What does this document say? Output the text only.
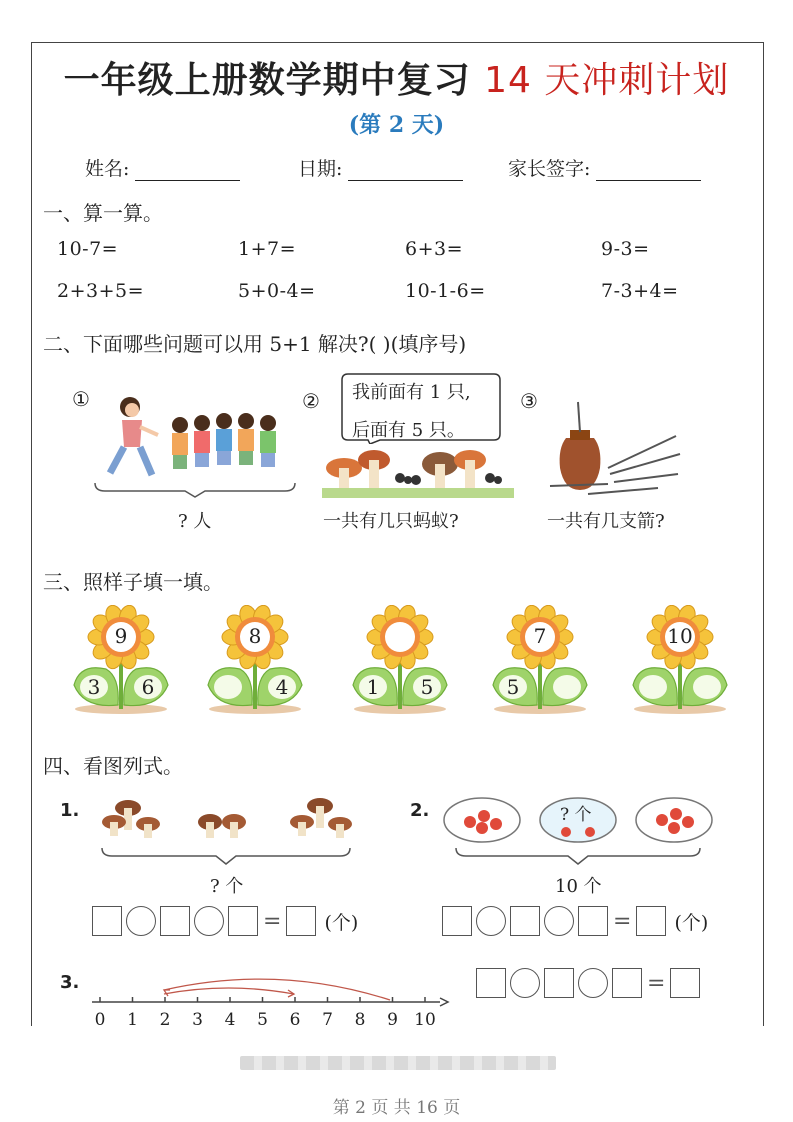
一年级上册数学期中复习 14 天冲刺计划
(第 2 天)
姓名:	日期:	家长签字:
一、算一算。
10-7=	1+7=	6+3=	9-3=
2+3+5=	5+0-4=	10-1-6=	7-3+4=
二、下面哪些问题可以用 5+1 解决?( )(填序号)
①	②	③
? 人
我前面有 1 只,
后面有 5 只。
一共有几只蚂蚁?	一共有几支箭?
三、照样子填一填。
9
3	6
8
4	1	5
7
5
10
四、看图列式。
1.	2.
3.
? 个
? 个
10 个
= (个)	= (个)
=
0 1 2 3 4 5 6 7 8 9 10
第 2 页 共 16 页
